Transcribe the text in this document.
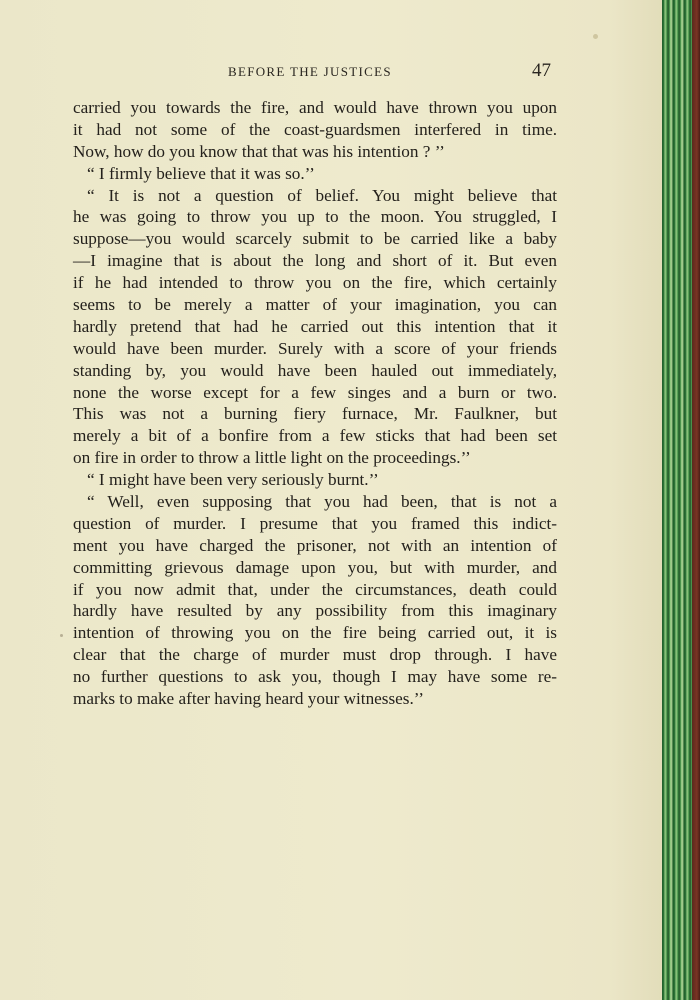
BEFORE THE JUSTICES	47
carried you towards the fire, and would have thrown you upon
it had not some of the coast-guardsmen interfered in time.
Now, how do you know that that was his intention ? ’’
“ I firmly believe that it was so.’’
“ It is not a question of belief. You might believe that
he was going to throw you up to the moon. You struggled, I
suppose—you would scarcely submit to be carried like a baby
—I imagine that is about the long and short of it. But even
if he had intended to throw you on the fire, which certainly
seems to be merely a matter of your imagination, you can
hardly pretend that had he carried out this intention that it
would have been murder. Surely with a score of your friends
standing by, you would have been hauled out immediately,
none the worse except for a few singes and a burn or two.
This was not a burning fiery furnace, Mr. Faulkner, but
merely a bit of a bonfire from a few sticks that had been set
on fire in order to throw a little light on the proceedings.’’
“ I might have been very seriously burnt.’’
“ Well, even supposing that you had been, that is not a
question of murder. I presume that you framed this indict-
ment you have charged the prisoner, not with an intention of
committing grievous damage upon you, but with murder, and
if you now admit that, under the circumstances, death could
hardly have resulted by any possibility from this imaginary
intention of throwing you on the fire being carried out, it is
clear that the charge of murder must drop through. I have
no further questions to ask you, though I may have some re-
marks to make after having heard your witnesses.’’
